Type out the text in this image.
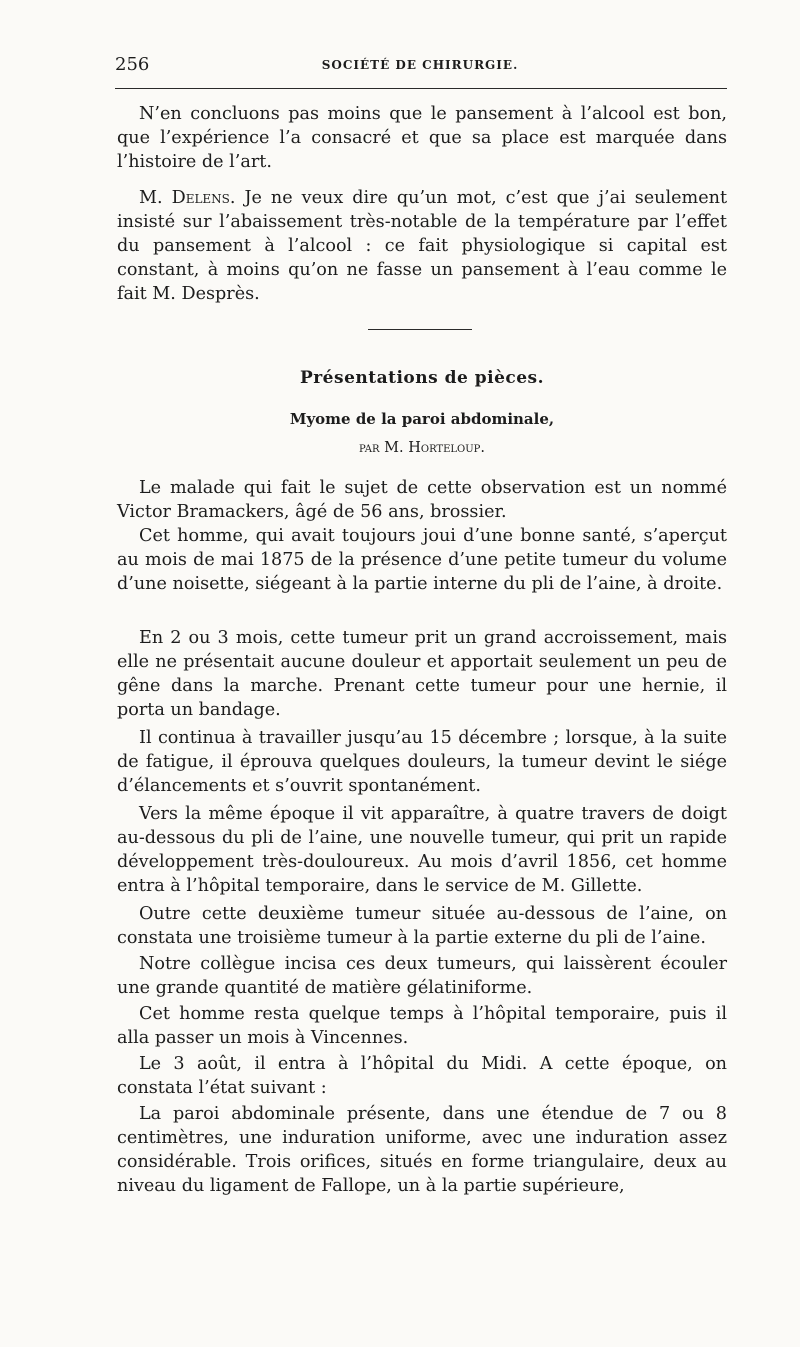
256	SOCIÉTÉ DE CHIRURGIE.

N’en concluons pas moins que le pansement à l’alcool est bon, que l’expérience l’a consacré et que sa place est marquée dans l’histoire de l’art.

M. Delens. Je ne veux dire qu’un mot, c’est que j’ai seulement insisté sur l’abaissement très-notable de la température par l’effet du pansement à l’alcool : ce fait physiologique si capital est constant, à moins qu’on ne fasse un pansement à l’eau comme le fait M. Desprès.

Présentations de pièces.
Myome de la paroi abdominale,
par M. Horteloup.

Le malade qui fait le sujet de cette observation est un nommé Victor Bramackers, âgé de 56 ans, brossier.

Cet homme, qui avait toujours joui d’une bonne santé, s’aperçut au mois de mai 1875 de la présence d’une petite tumeur du volume d’une noisette, siégeant à la partie interne du pli de l’aine, à droite.

En 2 ou 3 mois, cette tumeur prit un grand accroissement, mais elle ne présentait aucune douleur et apportait seulement un peu de gêne dans la marche. Prenant cette tumeur pour une hernie, il porta un bandage.

Il continua à travailler jusqu’au 15 décembre ; lorsque, à la suite de fatigue, il éprouva quelques douleurs, la tumeur devint le siége d’élancements et s’ouvrit spontanément.

Vers la même époque il vit apparaître, à quatre travers de doigt au-dessous du pli de l’aine, une nouvelle tumeur, qui prit un rapide développement très-douloureux. Au mois d’avril 1856, cet homme entra à l’hôpital temporaire, dans le service de M. Gillette.

Outre cette deuxième tumeur située au-dessous de l’aine, on constata une troisième tumeur à la partie externe du pli de l’aine.

Notre collègue incisa ces deux tumeurs, qui laissèrent écouler une grande quantité de matière gélatiniforme.

Cet homme resta quelque temps à l’hôpital temporaire, puis il alla passer un mois à Vincennes.

Le 3 août, il entra à l’hôpital du Midi. A cette époque, on constata l’état suivant :

La paroi abdominale présente, dans une étendue de 7 ou 8 centimètres, une induration uniforme, avec une induration assez considérable. Trois orifices, situés en forme triangulaire, deux au niveau du ligament de Fallope, un à la partie supérieure,
